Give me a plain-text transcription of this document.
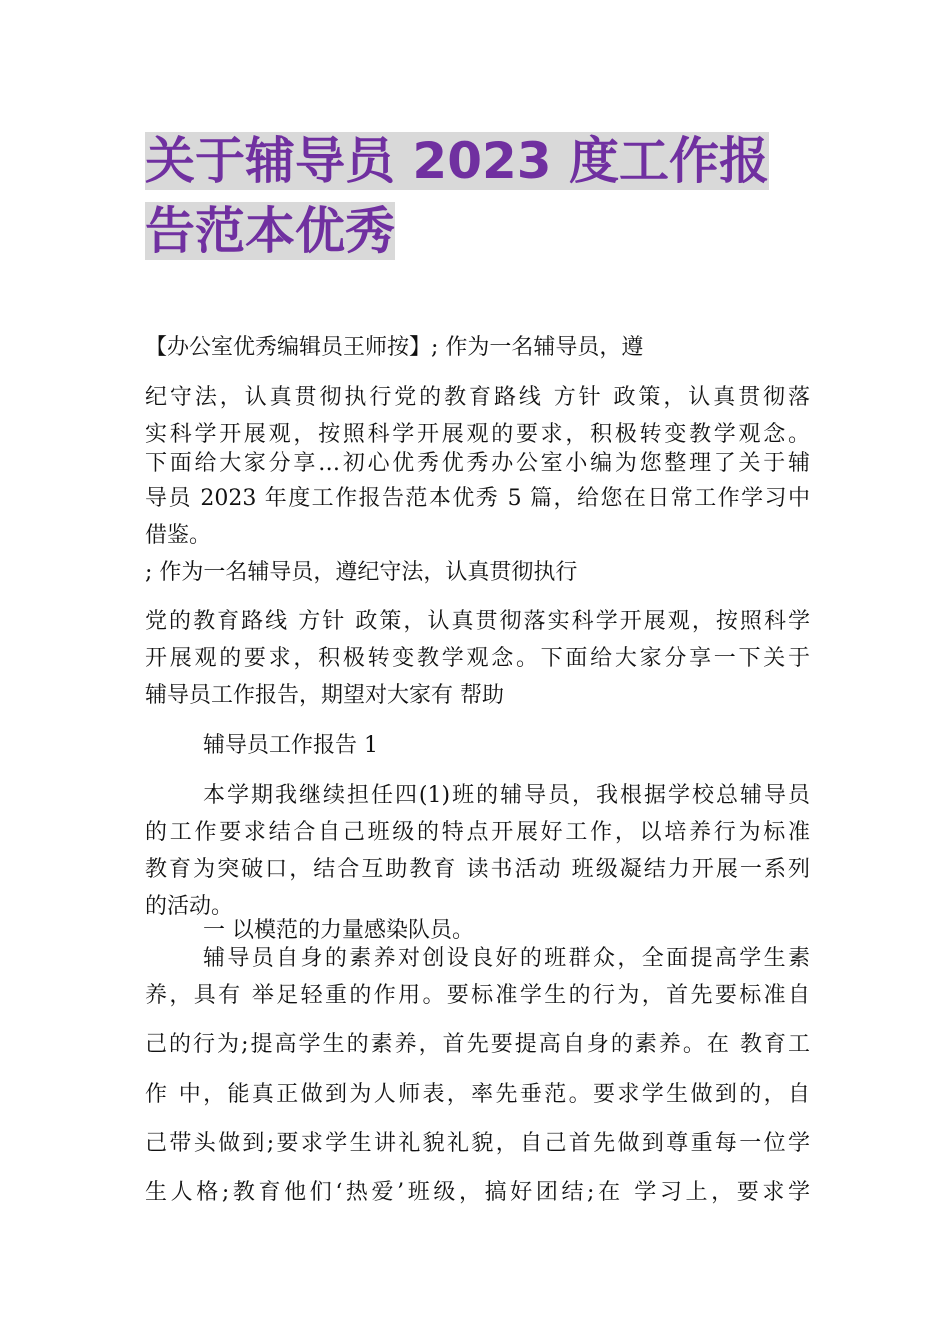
关于辅导员 2023 度工作报
告范本优秀
【办公室优秀编辑员王师按】; 作为一名辅导员，遵
纪守法，认真贯彻执行党的教育路线 方针 政策，认真贯彻落
实科学开展观，按照科学开展观的要求，积极转变教学观念。
下面给大家分享…初心优秀优秀办公室小编为您整理了关于辅
导员 2023 年度工作报告范本优秀 5 篇，给您在日常工作学习中
借鉴。
; 作为一名辅导员，遵纪守法，认真贯彻执行
党的教育路线 方针 政策，认真贯彻落实科学开展观，按照科学
开展观的要求，积极转变教学观念。下面给大家分享一下关于
辅导员工作报告，期望对大家有 帮助
辅导员工作报告 1
本学期我继续担任四(1)班的辅导员，我根据学校总辅导员
的工作要求结合自己班级的特点开展好工作，以培养行为标准
教育为突破口，结合互助教育 读书活动 班级凝结力开展一系列
的活动。
一 以模范的力量感染队员。
辅导员自身的素养对创设良好的班群众，全面提高学生素
养，具有 举足轻重的作用。要标准学生的行为，首先要标准自
己的行为;提高学生的素养，首先要提高自身的素养。在 教育工
作 中，能真正做到为人师表，率先垂范。要求学生做到的，自
己带头做到;要求学生讲礼貌礼貌，自己首先做到尊重每一位学
生人格;教育他们‘热爱’班级，搞好团结;在 学习上，要求学
